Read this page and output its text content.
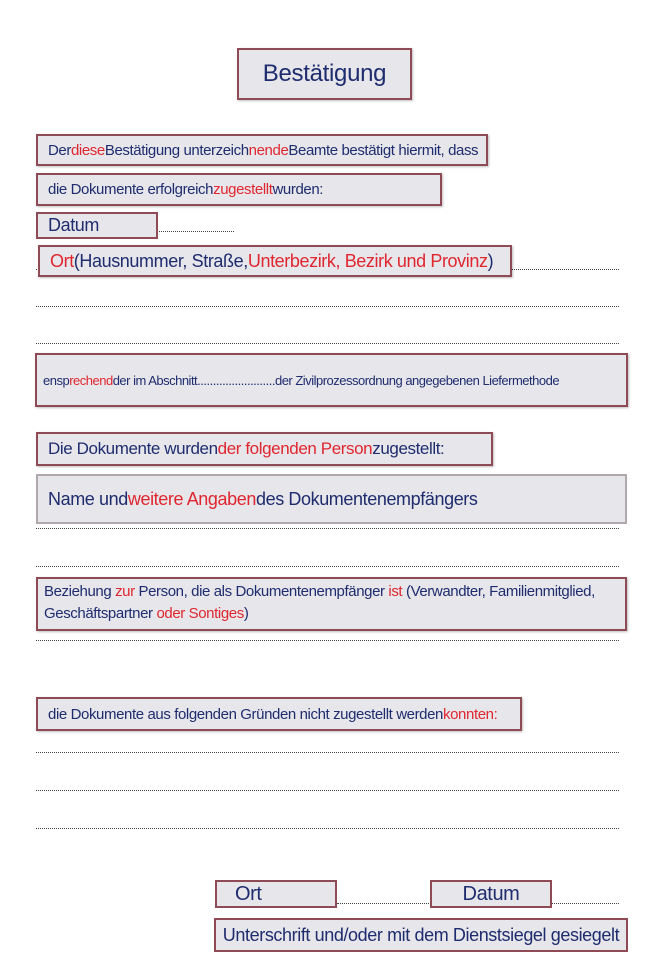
Bestätigung
Der diese Bestätigung unterzeich nende Beamte bestätigt hiermit, dass
die Dokumente erfolgreich zugestellt wurden:
Datum
Ort (Hausnummer, Straße, Unterbezirk, Bezirk und Provinz )
ensp rechend der im Abschnitt.........................der Zivilprozessordnung angegebenen Liefermethode
Die Dokumente wurden der folgenden Person zugestellt:
Name und weitere Angaben des Dokumentenempfängers
Beziehung zur Person, die als Dokumentenempfänger ist (Verwandter, Familienmitglied, Geschäftspartner oder Sontiges)
die Dokumente aus folgenden Gründen nicht zugestellt werden konnten:
Ort	Datum
Unterschrift und/oder mit dem Dienstsiegel gesiegelt
